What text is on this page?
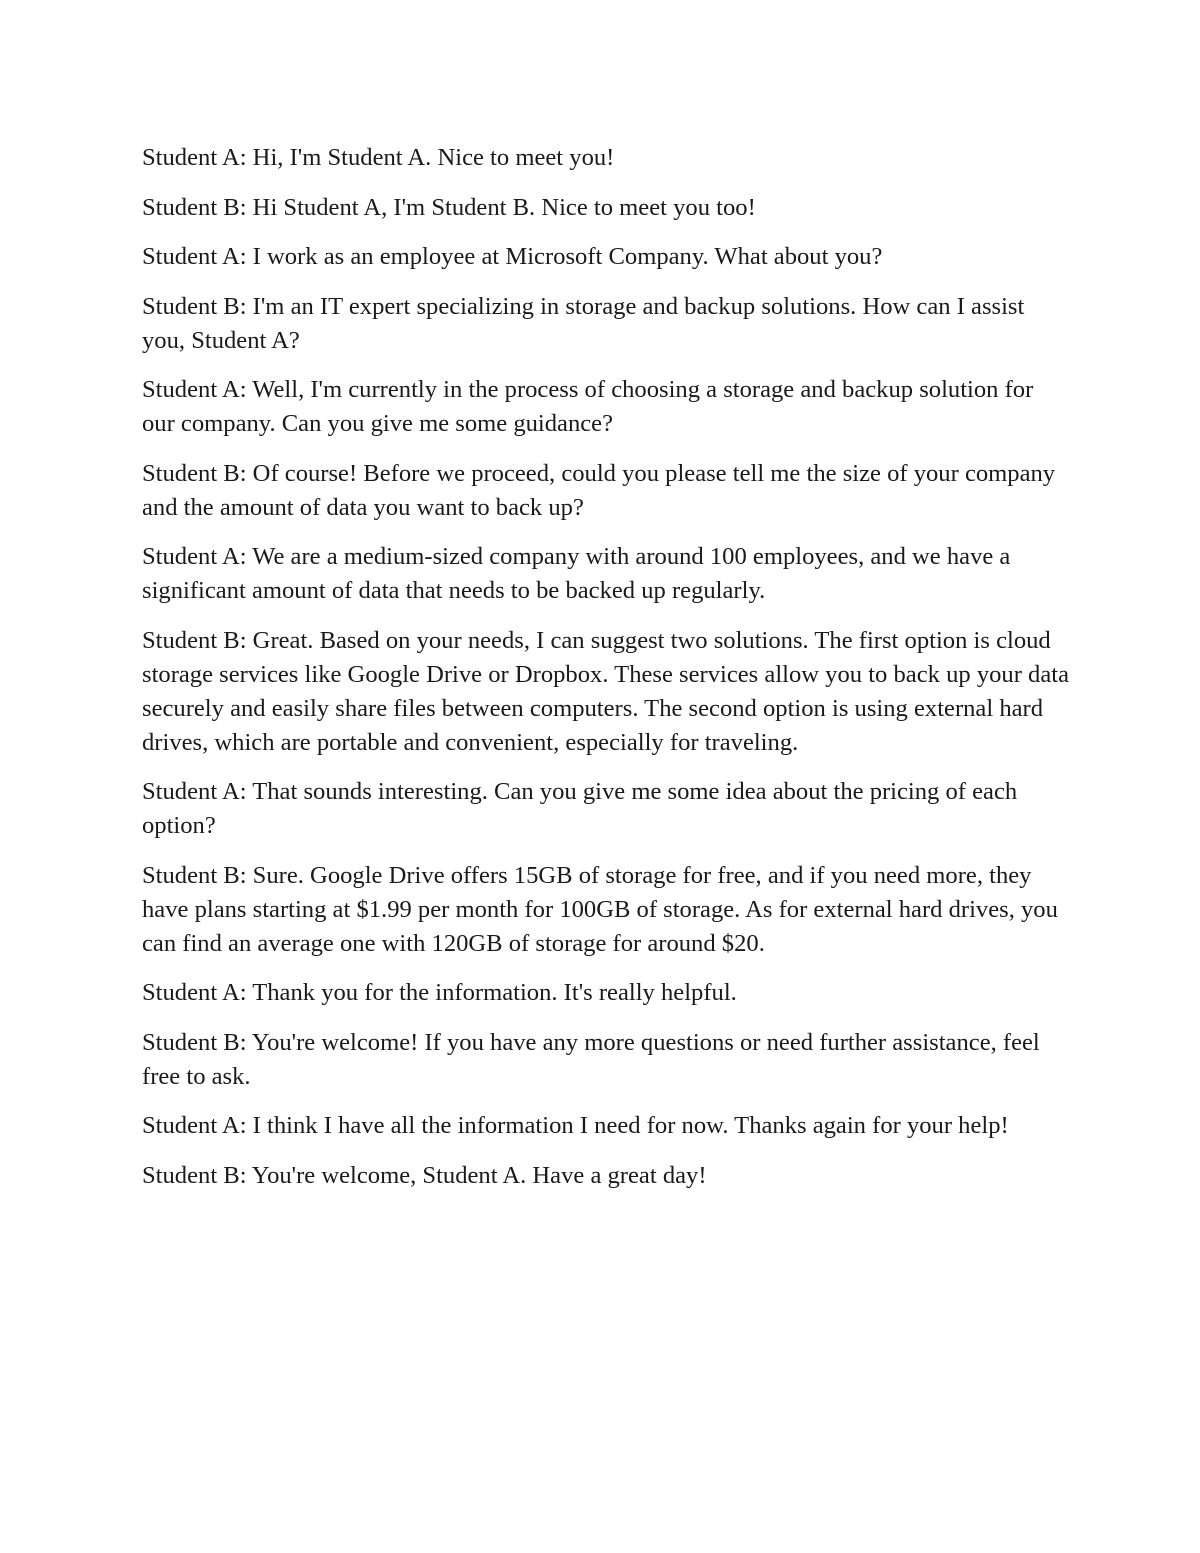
Student A: Hi, I'm Student A. Nice to meet you!

Student B: Hi Student A, I'm Student B. Nice to meet you too!

Student A: I work as an employee at Microsoft Company. What about you?

Student B: I'm an IT expert specializing in storage and backup solutions. How can I assist you, Student A?

Student A: Well, I'm currently in the process of choosing a storage and backup solution for our company. Can you give me some guidance?

Student B: Of course! Before we proceed, could you please tell me the size of your company and the amount of data you want to back up?

Student A: We are a medium-sized company with around 100 employees, and we have a significant amount of data that needs to be backed up regularly.

Student B: Great. Based on your needs, I can suggest two solutions. The first option is cloud storage services like Google Drive or Dropbox. These services allow you to back up your data securely and easily share files between computers. The second option is using external hard drives, which are portable and convenient, especially for traveling.

Student A: That sounds interesting. Can you give me some idea about the pricing of each option?

Student B: Sure. Google Drive offers 15GB of storage for free, and if you need more, they have plans starting at $1.99 per month for 100GB of storage. As for external hard drives, you can find an average one with 120GB of storage for around $20.

Student A: Thank you for the information. It's really helpful.

Student B: You're welcome! If you have any more questions or need further assistance, feel free to ask.

Student A: I think I have all the information I need for now. Thanks again for your help!

Student B: You're welcome, Student A. Have a great day!
